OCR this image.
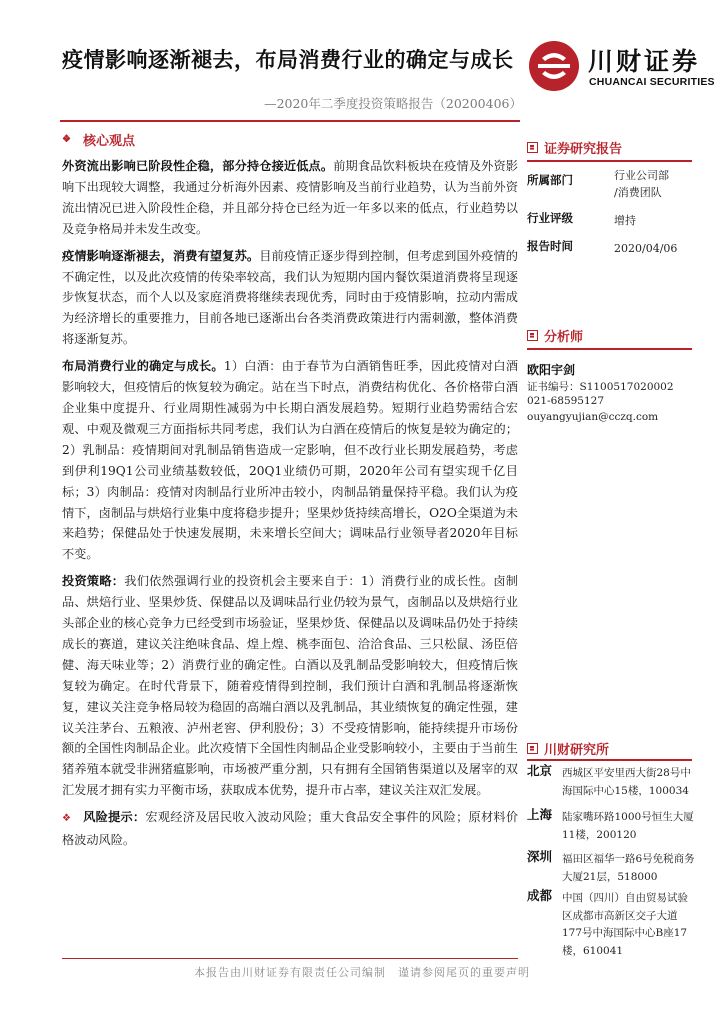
疫情影响逐渐褪去，布局消费行业的确定与成长
—2020年二季度投资策略报告（20200406）
川财证券
CHUANCAI SECURITIES
❖ 核心观点

外资流出影响已阶段性企稳，部分持仓接近低点。前期食品饮料板块在疫情及外资影响下出现较大调整，我通过分析海外因素、疫情影响及当前行业趋势，认为当前外资流出情况已进入阶段性企稳，并且部分持仓已经为近一年多以来的低点，行业趋势以及竞争格局并未发生改变。

疫情影响逐渐褪去，消费有望复苏。目前疫情正逐步得到控制，但考虑到国外疫情的不确定性，以及此次疫情的传染率较高，我们认为短期内国内餐饮渠道消费将呈现逐步恢复状态，而个人以及家庭消费将继续表现优秀，同时由于疫情影响，拉动内需成为经济增长的重要推力，目前各地已逐渐出台各类消费政策进行内需刺激，整体消费将逐渐复苏。

布局消费行业的确定与成长。1）白酒：由于春节为白酒销售旺季，因此疫情对白酒影响较大，但疫情后的恢复较为确定。站在当下时点，消费结构优化、各价格带白酒企业集中度提升、行业周期性减弱为中长期白酒发展趋势。短期行业趋势需结合宏观、中观及微观三方面指标共同考虑，我们认为白酒在疫情后的恢复是较为确定的；2）乳制品：疫情期间对乳制品销售造成一定影响，但不改行业长期发展趋势，考虑到伊利19Q1公司业绩基数较低，20Q1业绩仍可期，2020年公司有望实现千亿目标；3）肉制品：疫情对肉制品行业所冲击较小，肉制品销量保持平稳。我们认为疫情下，卤制品与烘焙行业集中度将稳步提升；坚果炒货持续高增长，O2O全渠道为未来趋势；保健品处于快速发展期，未来增长空间大；调味品行业领导者2020年目标不变。

投资策略：我们依然强调行业的投资机会主要来自于：1）消费行业的成长性。卤制品、烘焙行业、坚果炒货、保健品以及调味品行业仍较为景气，卤制品以及烘焙行业头部企业的核心竞争力已经受到市场验证，坚果炒货、保健品以及调味品仍处于持续成长的赛道，建议关注绝味食品、煌上煌、桃李面包、洽洽食品、三只松鼠、汤臣倍健、海天味业等；2）消费行业的确定性。白酒以及乳制品受影响较大，但疫情后恢复较为确定。在时代背景下，随着疫情得到控制，我们预计白酒和乳制品将逐渐恢复，建议关注竞争格局较为稳固的高端白酒以及乳制品，其业绩恢复的确定性强，建议关注茅台、五粮液、泸州老窖、伊利股份；3）不受疫情影响，能持续提升市场份额的全国性肉制品企业。此次疫情下全国性肉制品企业受影响较小，主要由于当前生猪养殖本就受非洲猪瘟影响，市场被严重分割，只有拥有全国销售渠道以及屠宰的双汇发展才拥有实力平衡市场，获取成本优势，提升市占率，建议关注双汇发展。

❖ 风险提示：宏观经济及居民收入波动风险；重大食品安全事件的风险；原材料价格波动风险。

证券研究报告
所属部门	行业公司部
/消费团队
行业评级	增持
报告时间	2020/04/06
分析师
欧阳宇剑
证书编号：S1100517020002
021-68595127
ouyangyujian@cczq.com
川财研究所
北京 西城区平安里西大街28号中海国际中心15楼，100034
上海 陆家嘴环路1000号恒生大厦11楼，200120
深圳 福田区福华一路6号免税商务大厦21层，518000
成都 中国（四川）自由贸易试验区成都市高新区交子大道177号中海国际中心B座17楼，610041
本报告由川财证券有限责任公司编制　谨请参阅尾页的重要声明
